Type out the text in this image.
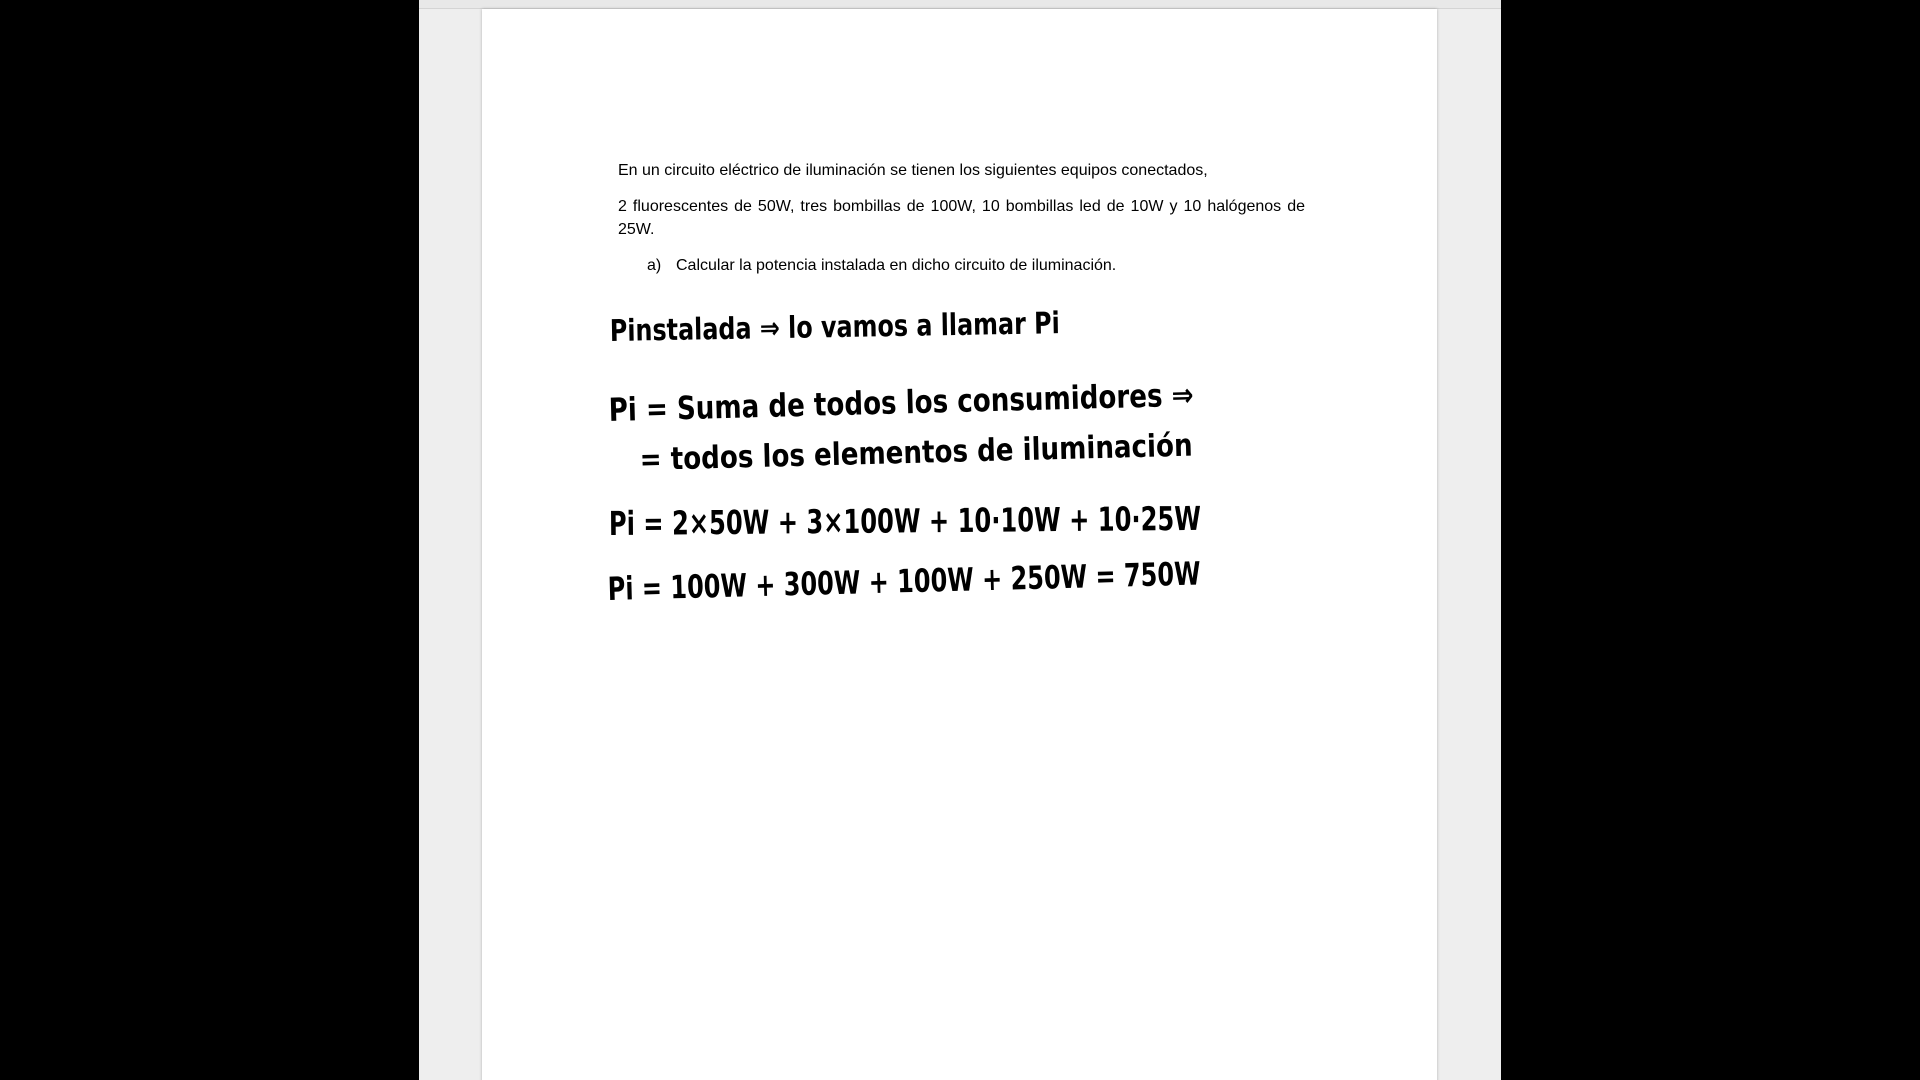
En un circuito eléctrico de iluminación se tienen los siguientes equipos conectados,

2 fluorescentes de 50W, tres bombillas de 100W, 10 bombillas led de 10W y 10 halógenos de 25W.

a) Calcular la potencia instalada en dicho circuito de iluminación.

Pinstalada ⇒ lo vamos a llamar Pi
Pi = Suma de todos los consumidores ⇒
= todos los elementos de iluminación
Pi = 2×50W + 3×100W + 10·10W + 10·25W
Pi = 100W + 300W + 100W + 250W = 750W
